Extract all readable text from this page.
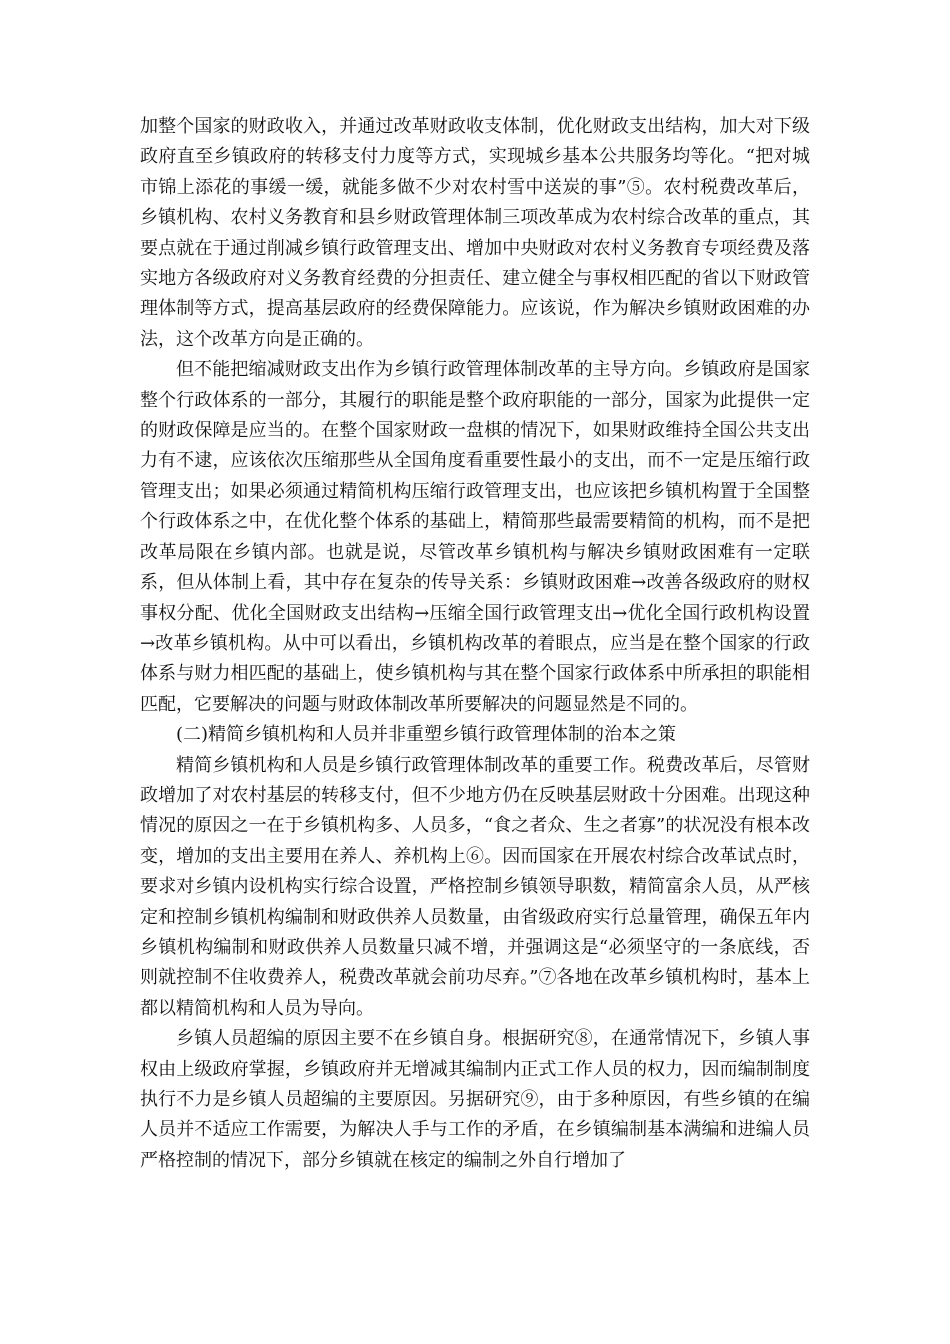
加整个国家的财政收入，并通过改革财政收支体制，优化财政支出结构，加大对下级政府直至乡镇政府的转移支付力度等方式，实现城乡基本公共服务均等化。“把对城市锦上添花的事缓一缓，就能多做不少对农村雪中送炭的事”⑤。农村税费改革后，乡镇机构、农村义务教育和县乡财政管理体制三项改革成为农村综合改革的重点，其要点就在于通过削减乡镇行政管理支出、增加中央财政对农村义务教育专项经费及落实地方各级政府对义务教育经费的分担责任、建立健全与事权相匹配的省以下财政管理体制等方式，提高基层政府的经费保障能力。应该说，作为解决乡镇财政困难的办法，这个改革方向是正确的。

但不能把缩减财政支出作为乡镇行政管理体制改革的主导方向。乡镇政府是国家整个行政体系的一部分，其履行的职能是整个政府职能的一部分，国家为此提供一定的财政保障是应当的。在整个国家财政一盘棋的情况下，如果财政维持全国公共支出力有不逮，应该依次压缩那些从全国角度看重要性最小的支出，而不一定是压缩行政管理支出；如果必须通过精简机构压缩行政管理支出，也应该把乡镇机构置于全国整个行政体系之中，在优化整个体系的基础上，精简那些最需要精简的机构，而不是把改革局限在乡镇内部。也就是说，尽管改革乡镇机构与解决乡镇财政困难有一定联系，但从体制上看，其中存在复杂的传导关系：乡镇财政困难→改善各级政府的财权事权分配、优化全国财政支出结构→压缩全国行政管理支出→优化全国行政机构设置→改革乡镇机构。从中可以看出，乡镇机构改革的着眼点，应当是在整个国家的行政体系与财力相匹配的基础上，使乡镇机构与其在整个国家行政体系中所承担的职能相匹配，它要解决的问题与财政体制改革所要解决的问题显然是不同的。

(二)精简乡镇机构和人员并非重塑乡镇行政管理体制的治本之策

精简乡镇机构和人员是乡镇行政管理体制改革的重要工作。税费改革后，尽管财政增加了对农村基层的转移支付，但不少地方仍在反映基层财政十分困难。出现这种情况的原因之一在于乡镇机构多、人员多，“食之者众、生之者寡”的状况没有根本改变，增加的支出主要用在养人、养机构上⑥。因而国家在开展农村综合改革试点时，要求对乡镇内设机构实行综合设置，严格控制乡镇领导职数，精简富余人员，从严核定和控制乡镇机构编制和财政供养人员数量，由省级政府实行总量管理，确保五年内乡镇机构编制和财政供养人员数量只减不增，并强调这是“必须坚守的一条底线，否则就控制不住收费养人，税费改革就会前功尽弃。”⑦各地在改革乡镇机构时，基本上都以精简机构和人员为导向。

乡镇人员超编的原因主要不在乡镇自身。根据研究⑧，在通常情况下，乡镇人事权由上级政府掌握，乡镇政府并无增减其编制内正式工作人员的权力，因而编制制度执行不力是乡镇人员超编的主要原因。另据研究⑨，由于多种原因，有些乡镇的在编人员并不适应工作需要，为解决人手与工作的矛盾，在乡镇编制基本满编和进编人员严格控制的情况下，部分乡镇就在核定的编制之外自行增加了
